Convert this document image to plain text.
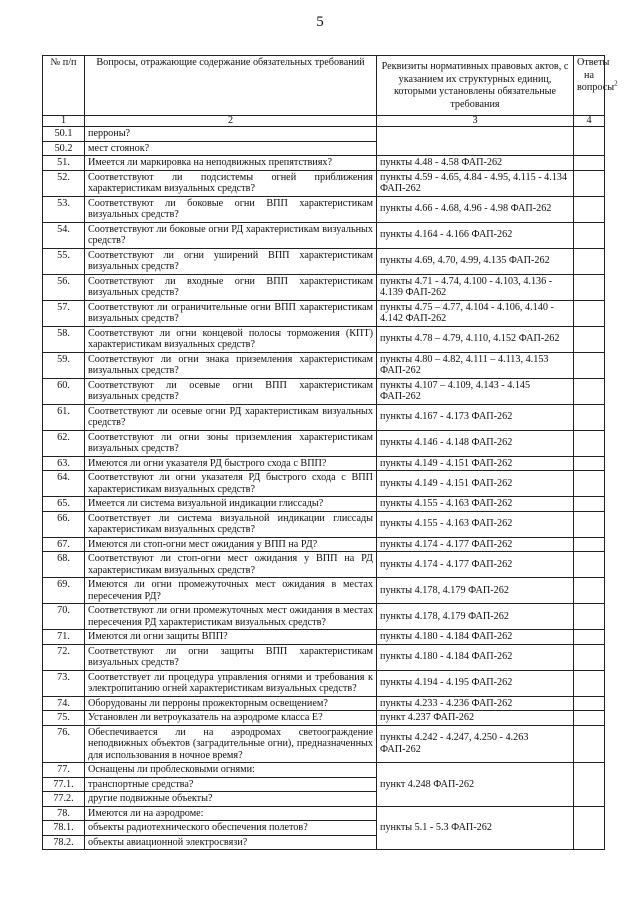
5
№ п/п	Вопросы, отражающие содержание обязательных требований	Реквизиты нормативных правовых актов, с указанием их структурных единиц, которыми установлены обязательные требования	Ответы на вопросы$^2$
1	2	3	4
50.1	перроны?		
50.2	мест стоянок?		
51.	Имеется ли маркировка на неподвижных препятствиях?	пункты 4.48 - 4.58 ФАП-262	
52.	Соответствуют ли подсистемы огней приближения характеристикам визуальных средств?	пункты 4.59 - 4.65, 4.84 - 4.95, 4.115 - 4.134 ФАП-262	
53.	Соответствуют ли боковые огни ВПП характеристикам визуальных средств?	пункты 4.66 - 4.68, 4.96 - 4.98 ФАП-262	
54.	Соответствуют ли боковые огни РД характеристикам визуальных средств?	пункты 4.164 - 4.166 ФАП-262	
55.	Соответствуют ли огни уширений ВПП характеристикам визуальных средств?	пункты 4.69, 4.70, 4.99, 4.135 ФАП-262	
56.	Соответствуют ли входные огни ВПП характеристикам визуальных средств?	пункты 4.71 - 4.74, 4.100 - 4.103, 4.136 - 4.139 ФАП-262	
57.	Соответствуют ли ограничительные огни ВПП характеристикам визуальных средств?	пункты 4.75 – 4.77, 4.104 - 4.106, 4.140 - 4.142 ФАП-262	
58.	Соответствуют ли огни концевой полосы торможения (КПТ) характеристикам визуальных средств?	пункты 4.78 – 4.79, 4.110, 4.152 ФАП-262	
59.	Соответствуют ли огни знака приземления характеристикам визуальных средств?	пункты 4.80 – 4.82, 4.111 – 4.113, 4.153 ФАП-262	
60.	Соответствуют ли осевые огни ВПП характеристикам визуальных средств?	пункты 4.107 – 4.109, 4.143 - 4.145 ФАП-262	
61.	Соответствуют ли осевые огни РД характеристикам визуальных средств?	пункты 4.167 - 4.173 ФАП-262	
62.	Соответствуют ли огни зоны приземления характеристикам визуальных средств?	пункты 4.146 - 4.148 ФАП-262	
63.	Имеются ли огни указателя РД быстрого схода с ВПП?	пункты 4.149 - 4.151 ФАП-262	
64.	Соответствуют ли огни указателя РД быстрого схода с ВПП характеристикам визуальных средств?	пункты 4.149 - 4.151 ФАП-262	
65.	Имеется ли система визуальной индикации глиссады?	пункты 4.155 - 4.163 ФАП-262	
66.	Соответствует ли система визуальной индикации глиссады характеристикам визуальных средств?	пункты 4.155 - 4.163 ФАП-262	
67.	Имеются ли стоп-огни мест ожидания у ВПП на РД?	пункты 4.174 - 4.177 ФАП-262	
68.	Соответствуют ли стоп-огни мест ожидания у ВПП на РД характеристикам визуальных средств?	пункты 4.174 - 4.177 ФАП-262	
69.	Имеются ли огни промежуточных мест ожидания в местах пересечения РД?	пункты 4.178, 4.179 ФАП-262	
70.	Соответствуют ли огни промежуточных мест ожидания в местах пересечения РД характеристикам визуальных средств?	пункты 4.178, 4.179 ФАП-262	
71.	Имеются ли огни защиты ВПП?	пункты 4.180 - 4.184 ФАП-262	
72.	Соответствуют ли огни защиты ВПП характеристикам визуальных средств?	пункты 4.180 - 4.184 ФАП-262	
73.	Соответствует ли процедура управления огнями и требования к электропитанию огней характеристикам визуальных средств?	пункты 4.194 - 4.195 ФАП-262	
74.	Оборудованы ли перроны прожекторным освещением?	пункты 4.233 - 4.236 ФАП-262	
75.	Установлен ли ветроуказатель на аэродроме класса Е?	пункт 4.237 ФАП-262	
76.	Обеспечивается ли на аэродромах светоограждение неподвижных объектов (заградительные огни), предназначенных для использования в ночное время?	пункты 4.242 - 4.247, 4.250 - 4.263 ФАП-262	
77.	Оснащены ли проблесковыми огнями:	пункт 4.248 ФАП-262	
77.1.	транспортные средства?		
77.2.	другие подвижные объекты?		
78.	Имеются ли на аэродроме:	пункты 5.1 - 5.3 ФАП-262	
78.1.	объекты радиотехнического обеспечения полетов?		
78.2.	объекты авиационной электросвязи?		
